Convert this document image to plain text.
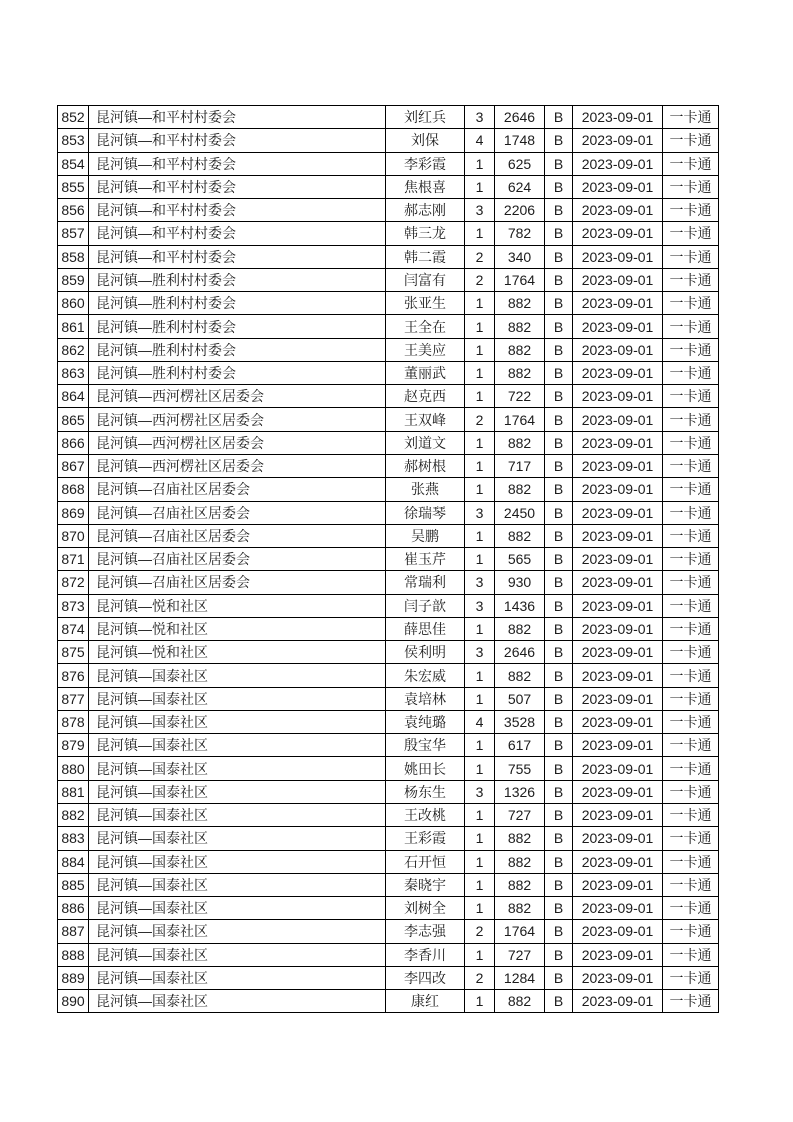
852	昆河镇—和平村村委会	刘红兵	3	2646	B	2023-09-01	一卡通
853	昆河镇—和平村村委会	刘保	4	1748	B	2023-09-01	一卡通
854	昆河镇—和平村村委会	李彩霞	1	625	B	2023-09-01	一卡通
855	昆河镇—和平村村委会	焦根喜	1	624	B	2023-09-01	一卡通
856	昆河镇—和平村村委会	郝志刚	3	2206	B	2023-09-01	一卡通
857	昆河镇—和平村村委会	韩三龙	1	782	B	2023-09-01	一卡通
858	昆河镇—和平村村委会	韩二霞	2	340	B	2023-09-01	一卡通
859	昆河镇—胜利村村委会	闫富有	2	1764	B	2023-09-01	一卡通
860	昆河镇—胜利村村委会	张亚生	1	882	B	2023-09-01	一卡通
861	昆河镇—胜利村村委会	王全在	1	882	B	2023-09-01	一卡通
862	昆河镇—胜利村村委会	王美应	1	882	B	2023-09-01	一卡通
863	昆河镇—胜利村村委会	董丽武	1	882	B	2023-09-01	一卡通
864	昆河镇—西河楞社区居委会	赵克西	1	722	B	2023-09-01	一卡通
865	昆河镇—西河楞社区居委会	王双峰	2	1764	B	2023-09-01	一卡通
866	昆河镇—西河楞社区居委会	刘道文	1	882	B	2023-09-01	一卡通
867	昆河镇—西河楞社区居委会	郝树根	1	717	B	2023-09-01	一卡通
868	昆河镇—召庙社区居委会	张燕	1	882	B	2023-09-01	一卡通
869	昆河镇—召庙社区居委会	徐瑞琴	3	2450	B	2023-09-01	一卡通
870	昆河镇—召庙社区居委会	吴鹏	1	882	B	2023-09-01	一卡通
871	昆河镇—召庙社区居委会	崔玉芹	1	565	B	2023-09-01	一卡通
872	昆河镇—召庙社区居委会	常瑞利	3	930	B	2023-09-01	一卡通
873	昆河镇—悦和社区	闫子歆	3	1436	B	2023-09-01	一卡通
874	昆河镇—悦和社区	薛思佳	1	882	B	2023-09-01	一卡通
875	昆河镇—悦和社区	侯利明	3	2646	B	2023-09-01	一卡通
876	昆河镇—国泰社区	朱宏威	1	882	B	2023-09-01	一卡通
877	昆河镇—国泰社区	袁培林	1	507	B	2023-09-01	一卡通
878	昆河镇—国泰社区	袁纯璐	4	3528	B	2023-09-01	一卡通
879	昆河镇—国泰社区	殷宝华	1	617	B	2023-09-01	一卡通
880	昆河镇—国泰社区	姚田长	1	755	B	2023-09-01	一卡通
881	昆河镇—国泰社区	杨东生	3	1326	B	2023-09-01	一卡通
882	昆河镇—国泰社区	王改桃	1	727	B	2023-09-01	一卡通
883	昆河镇—国泰社区	王彩霞	1	882	B	2023-09-01	一卡通
884	昆河镇—国泰社区	石开恒	1	882	B	2023-09-01	一卡通
885	昆河镇—国泰社区	秦晓宇	1	882	B	2023-09-01	一卡通
886	昆河镇—国泰社区	刘树全	1	882	B	2023-09-01	一卡通
887	昆河镇—国泰社区	李志强	2	1764	B	2023-09-01	一卡通
888	昆河镇—国泰社区	李香川	1	727	B	2023-09-01	一卡通
889	昆河镇—国泰社区	李四改	2	1284	B	2023-09-01	一卡通
890	昆河镇—国泰社区	康红	1	882	B	2023-09-01	一卡通
